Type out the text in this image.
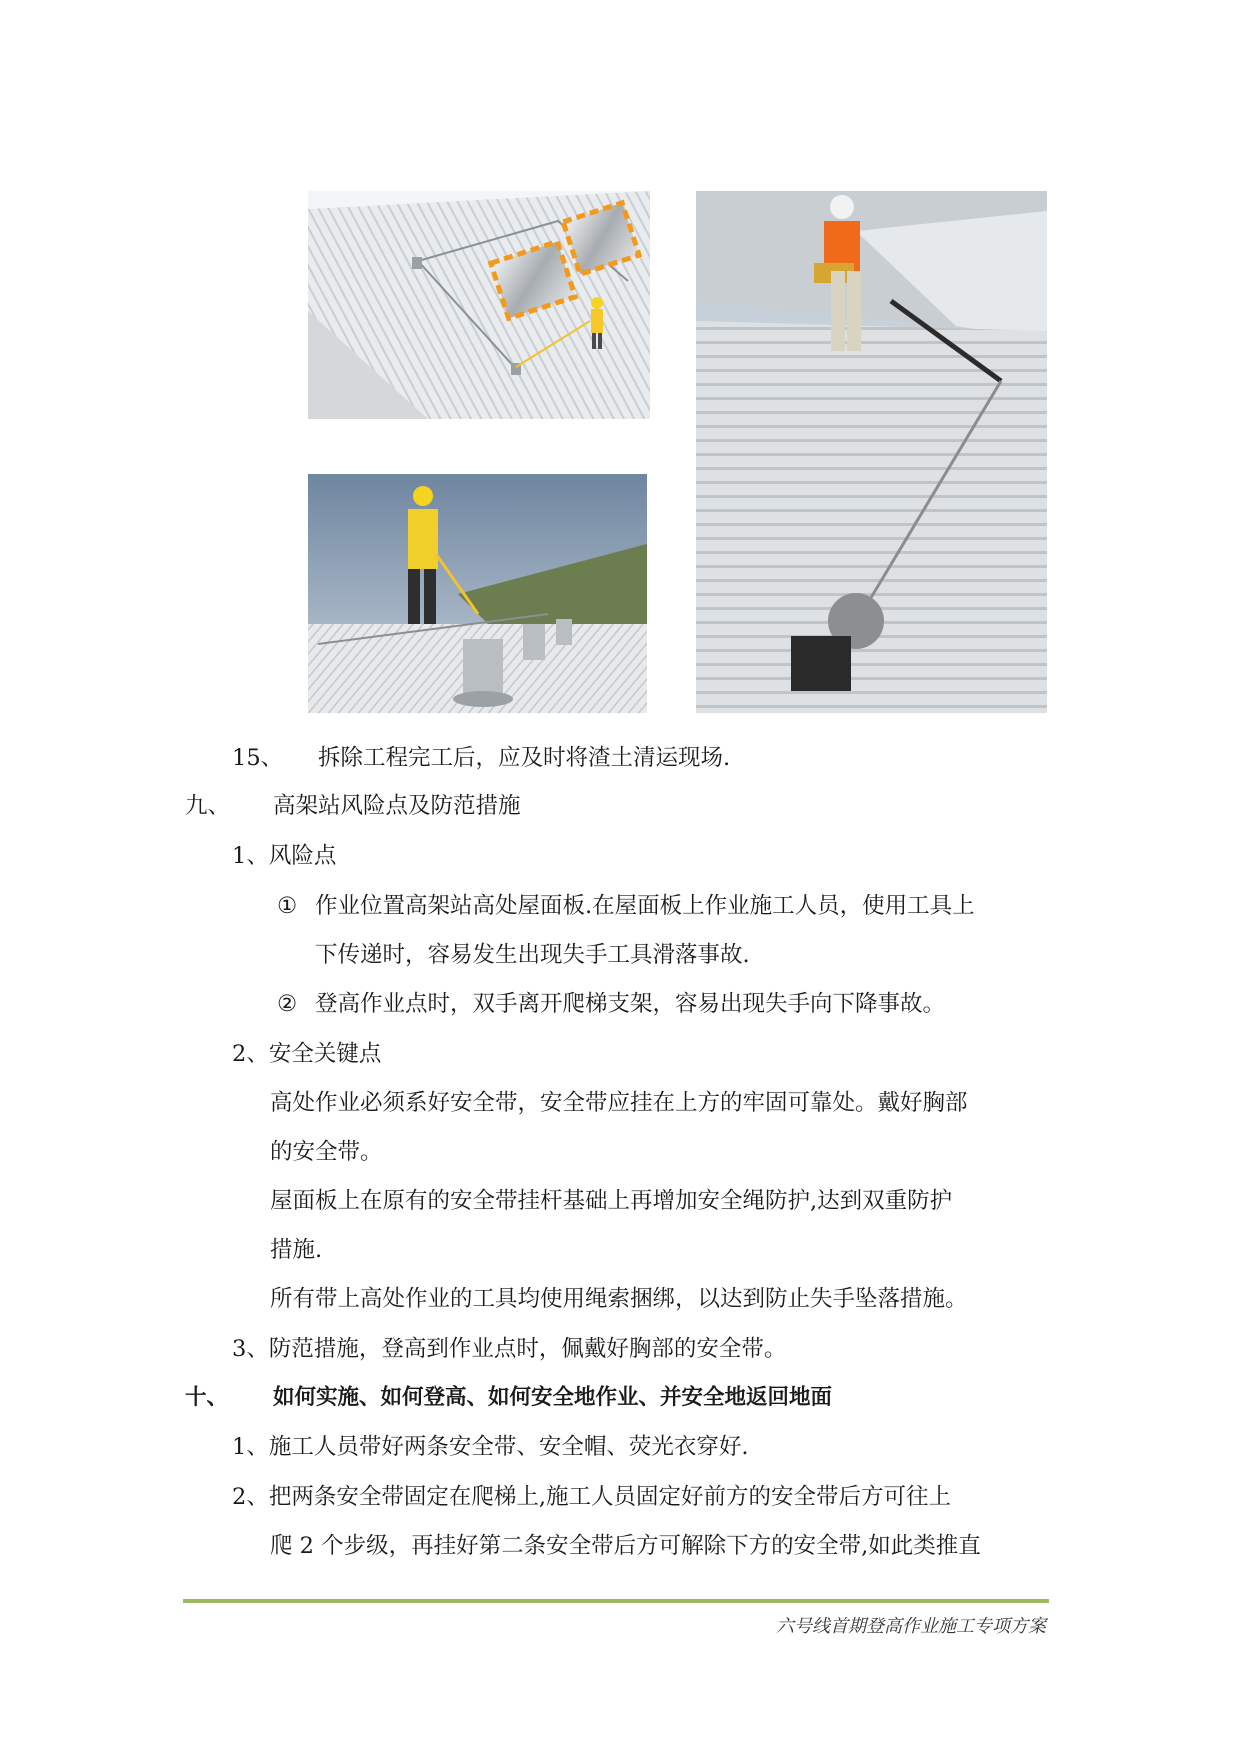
15、 拆除工程完工后，应及时将渣土清运现场.
九、 高架站风险点及防范措施
1、风险点
① 作业位置高架站高处屋面板.在屋面板上作业施工人员，使用工具上
下传递时，容易发生出现失手工具滑落事故.
② 登高作业点时，双手离开爬梯支架，容易出现失手向下降事故。
2、安全关键点
高处作业必须系好安全带，安全带应挂在上方的牢固可靠处。戴好胸部
的安全带。
屋面板上在原有的安全带挂杆基础上再增加安全绳防护,达到双重防护
措施.
所有带上高处作业的工具均使用绳索捆绑，以达到防止失手坠落措施。
3、防范措施，登高到作业点时，佩戴好胸部的安全带。
十、 如何实施、如何登高、如何安全地作业、并安全地返回地面
1、施工人员带好两条安全带、安全帽、荧光衣穿好.
2、把两条安全带固定在爬梯上,施工人员固定好前方的安全带后方可往上
爬 2 个步级，再挂好第二条安全带后方可解除下方的安全带,如此类推直
六号线首期登高作业施工专项方案
